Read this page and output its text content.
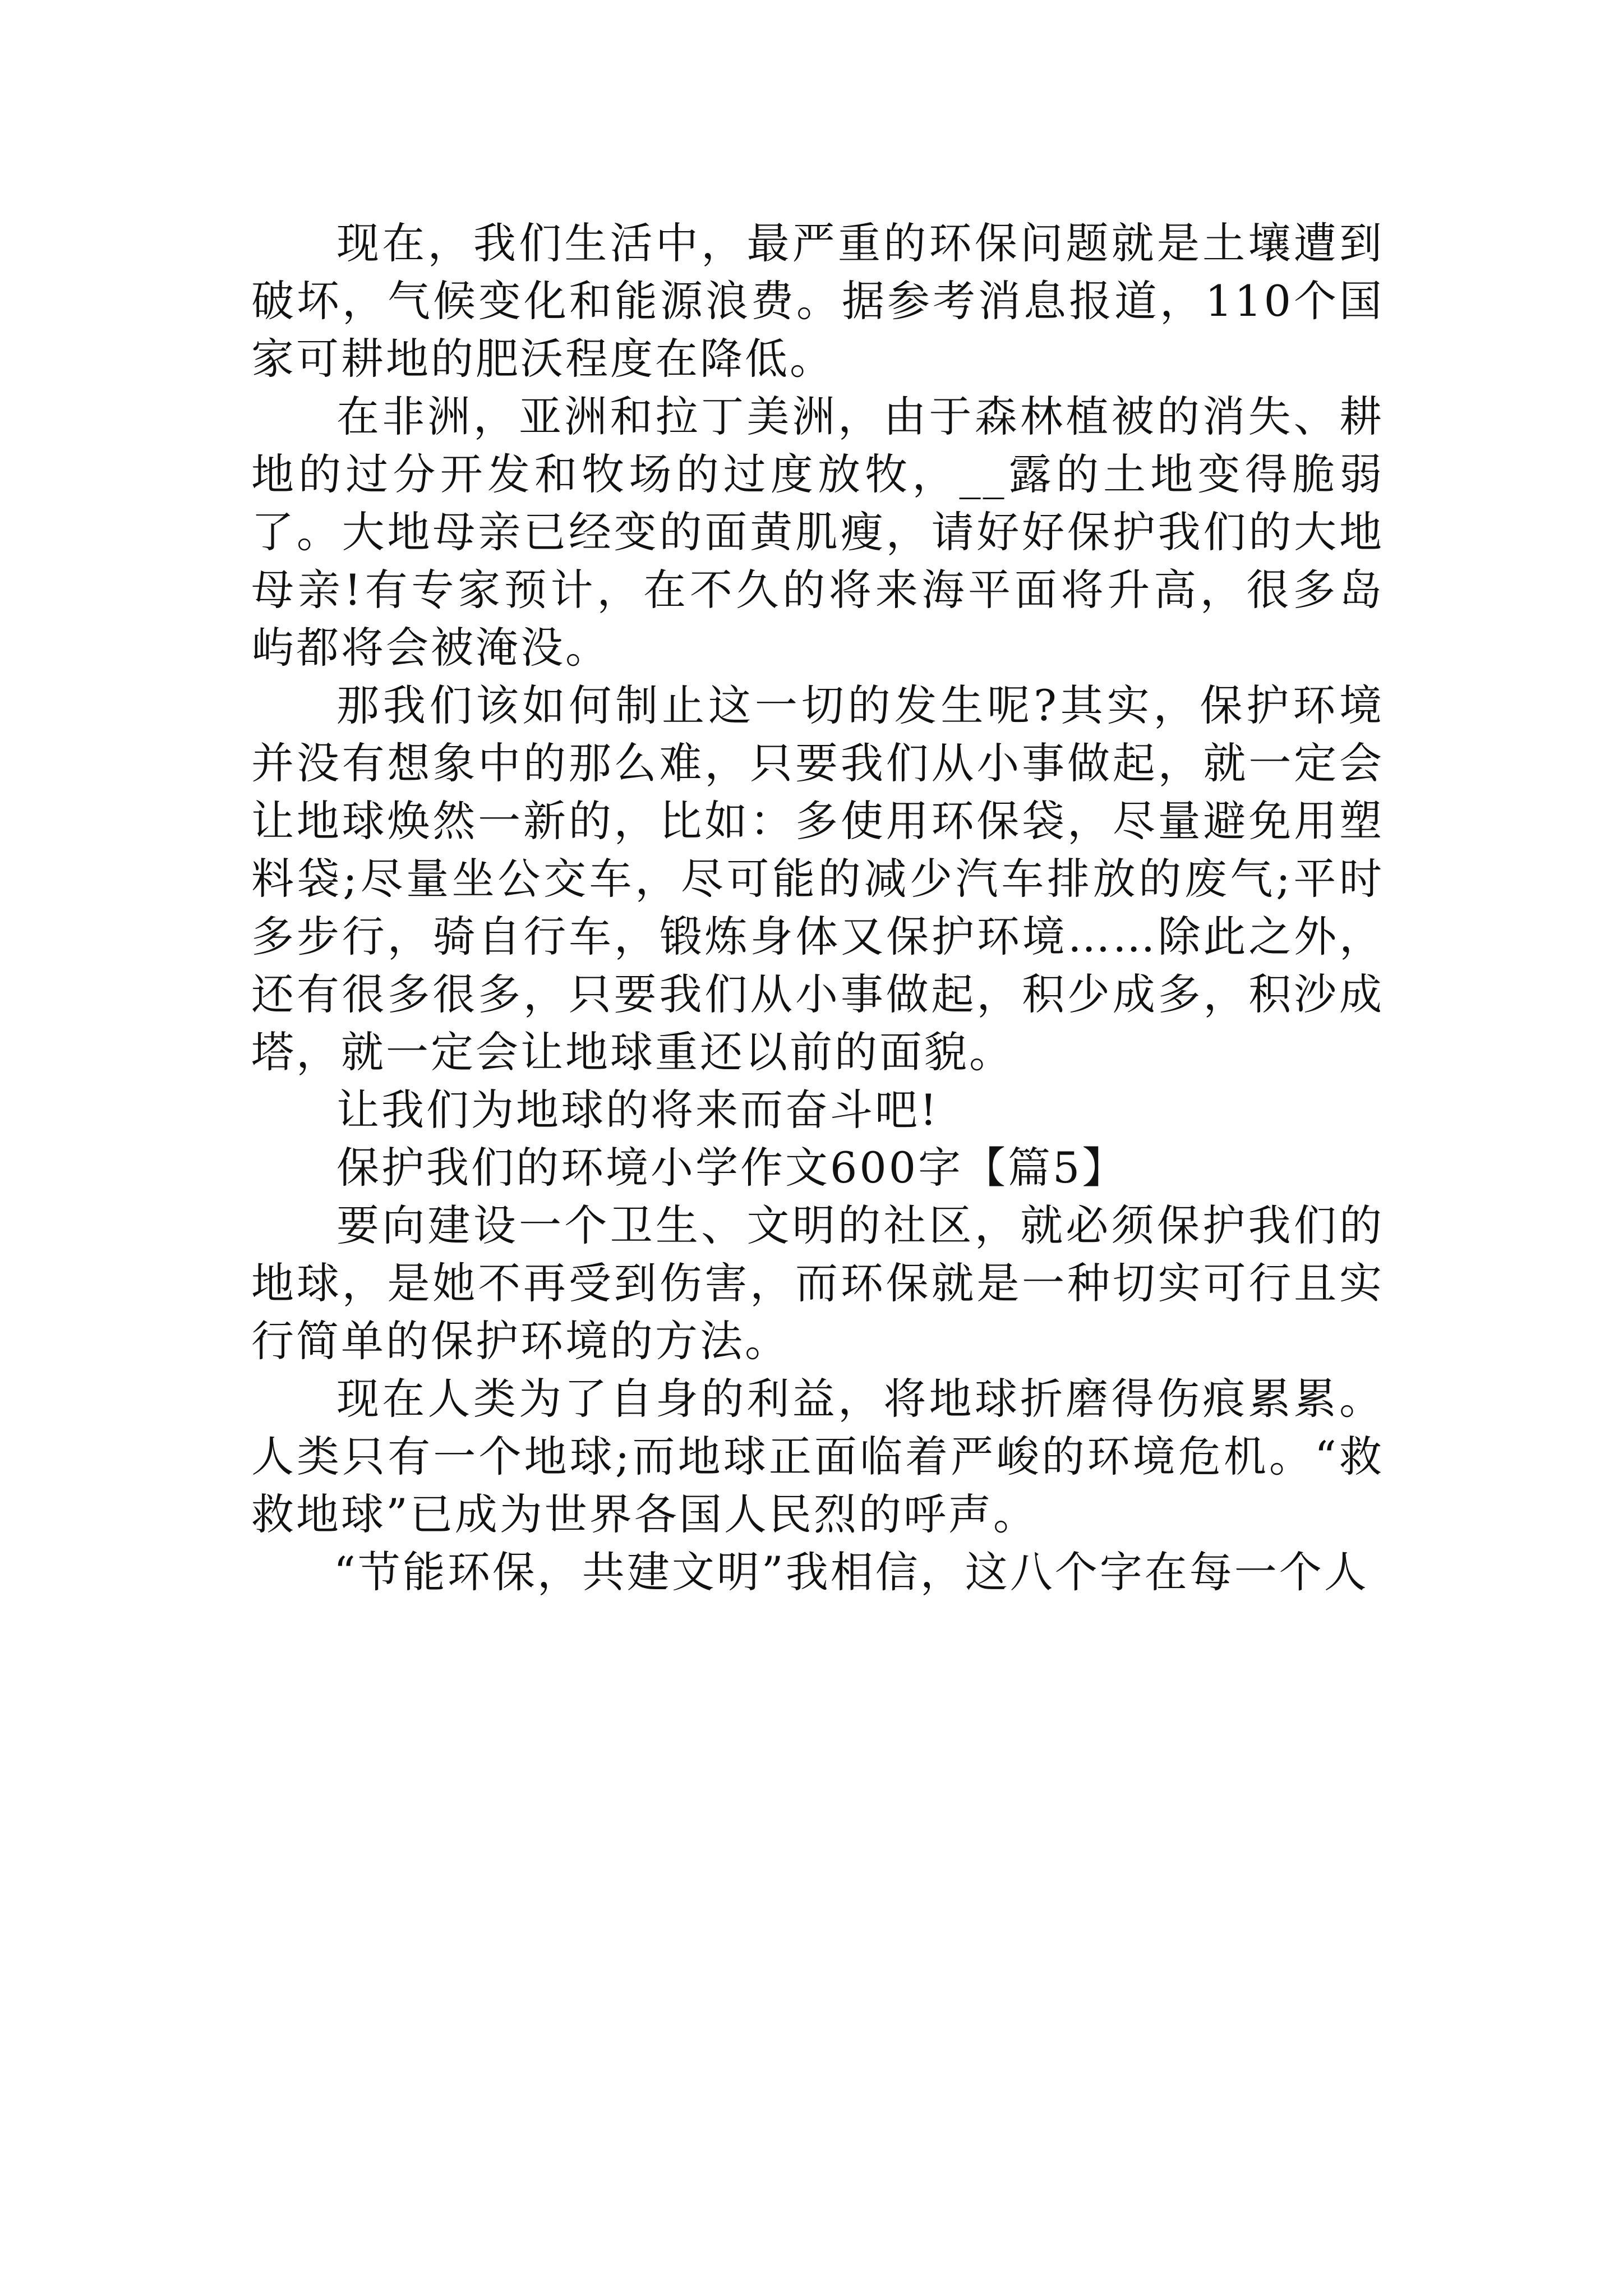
现在，我们生活中，最严重的环保问题就是土壤遭到破坏，气候变化和能源浪费。据参考消息报道，110个国家可耕地的肥沃程度在降低。

在非洲，亚洲和拉丁美洲，由于森林植被的消失、耕地的过分开发和牧场的过度放牧，__露的土地变得脆弱了。大地母亲已经变的面黄肌瘦，请好好保护我们的大地母亲!有专家预计，在不久的将来海平面将升高，很多岛屿都将会被淹没。

那我们该如何制止这一切的发生呢?其实，保护环境并没有想象中的那么难，只要我们从小事做起，就一定会让地球焕然一新的，比如：多使用环保袋，尽量避免用塑料袋;尽量坐公交车，尽可能的减少汽车排放的废气;平时多步行，骑自行车，锻炼身体又保护环境……除此之外，还有很多很多，只要我们从小事做起，积少成多，积沙成塔，就一定会让地球重还以前的面貌。

让我们为地球的将来而奋斗吧!

保护我们的环境小学作文600字【篇5】

要向建设一个卫生、文明的社区，就必须保护我们的地球，是她不再受到伤害，而环保就是一种切实可行且实行简单的保护环境的方法。

现在人类为了自身的利益，将地球折磨得伤痕累累。人类只有一个地球;而地球正面临着严峻的环境危机。“救救地球”已成为世界各国人民烈的呼声。

“节能环保，共建文明”我相信，这八个字在每一个人
